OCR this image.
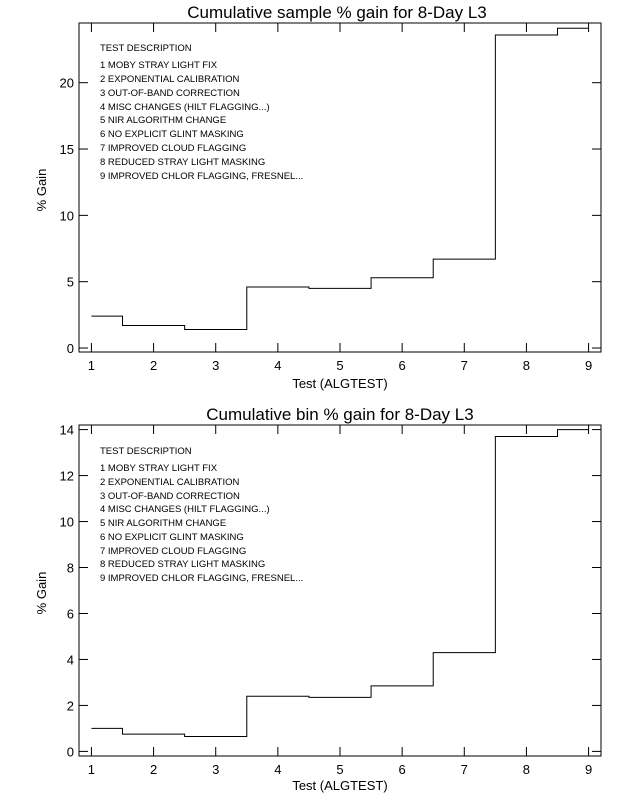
Cumulative sample % gain for 8-Day L3
Test (ALGTEST)
% Gain
TEST DESCRIPTION
1 MOBY STRAY LIGHT FIX
2 EXPONENTIAL CALIBRATION
3 OUT-OF-BAND CORRECTION
4 MISC CHANGES (HILT FLAGGING...)
5 NIR ALGORITHM CHANGE
6 NO EXPLICIT GLINT MASKING
7 IMPROVED CLOUD FLAGGING
8 REDUCED STRAY LIGHT MASKING
9 IMPROVED CHLOR FLAGGING, FRESNEL...
1	2	3	4	5	6	7	8	9
0
5
10
15
20
Cumulative bin % gain for 8-Day L3
Test (ALGTEST)
% Gain
TEST DESCRIPTION
1 MOBY STRAY LIGHT FIX
2 EXPONENTIAL CALIBRATION
3 OUT-OF-BAND CORRECTION
4 MISC CHANGES (HILT FLAGGING...)
5 NIR ALGORITHM CHANGE
6 NO EXPLICIT GLINT MASKING
7 IMPROVED CLOUD FLAGGING
8 REDUCED STRAY LIGHT MASKING
9 IMPROVED CHLOR FLAGGING, FRESNEL...
1	2	3	4	5	6	7	8	9
0
2
4
6
8
10
12
14
